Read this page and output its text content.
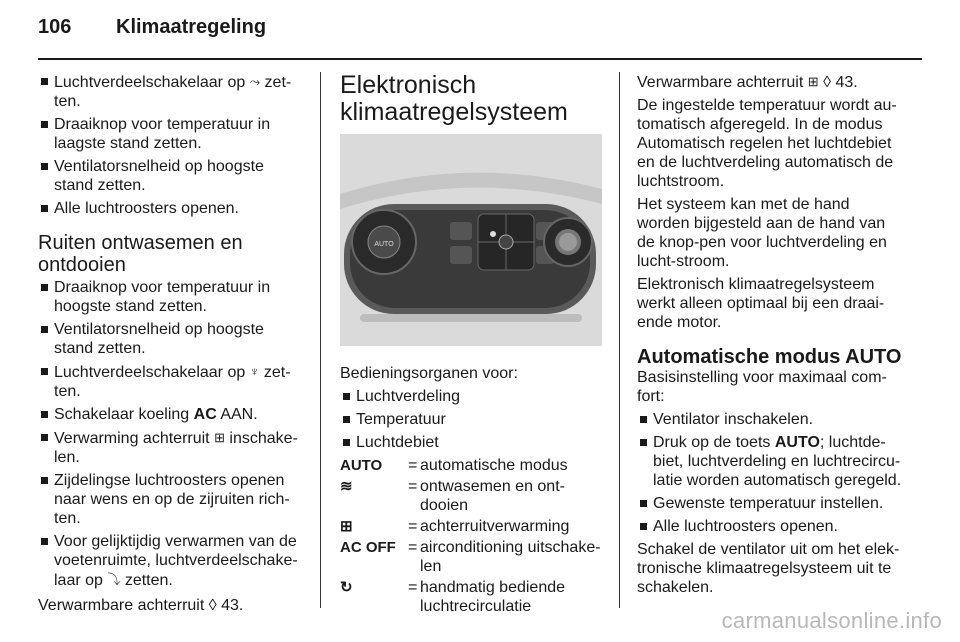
106	Klimaatregeling
Luchtverdeelschakelaar op ⤳ zet-ten.
Draaiknop voor temperatuur in laagste stand zetten.
Ventilatorsnelheid op hoogste stand zetten.
Alle luchtroosters openen.
Ruiten ontwasemen en ontdooien
Draaiknop voor temperatuur in hoogste stand zetten.
Ventilatorsnelheid op hoogste stand zetten.
Luchtverdeelschakelaar op ♆ zet-ten.
Schakelaar koeling AC AAN.
Verwarming achterruit ⊞ inschake-len.
Zijdelingse luchtroosters openen naar wens en op de zijruiten rich-ten.
Voor gelijktijdig verwarmen van de voetenruimte, luchtverdeelschake-laar op ⤵ zetten.
Verwarmbare achterruit ◊ 43.
Elektronisch klimaatregelsysteem
AUTO
Bedieningsorganen voor:
Luchtverdeling
Temperatuur
Luchtdebiet
AUTO	= automatische modus
≋	= ontwasemen en ont-dooien
⊞	= achterruitverwarming
AC OFF = airconditioning uitschake-len
↻	= handmatig bediende luchtrecirculatie
Verwarmbare achterruit ⊞ ◊ 43.
De ingestelde temperatuur wordt au-tomatisch afgeregeld. In de modus Automatisch regelen het luchtdebiet en de luchtverdeling automatisch de luchtstroom.
Het systeem kan met de hand worden bijgesteld aan de hand van de knop-pen voor luchtverdeling en lucht-stroom.
Elektronisch klimaatregelsysteem werkt alleen optimaal bij een draai-ende motor.
Automatische modus AUTO
Basisinstelling voor maximaal com-fort:
Ventilator inschakelen.
Druk op de toets AUTO; luchtde-biet, luchtverdeling en luchtrecircu-latie worden automatisch geregeld.
Gewenste temperatuur instellen.
Alle luchtroosters openen.
Schakel de ventilator uit om het elek-tronische klimaatregelsysteem uit te schakelen.
carmanualsonline.info
